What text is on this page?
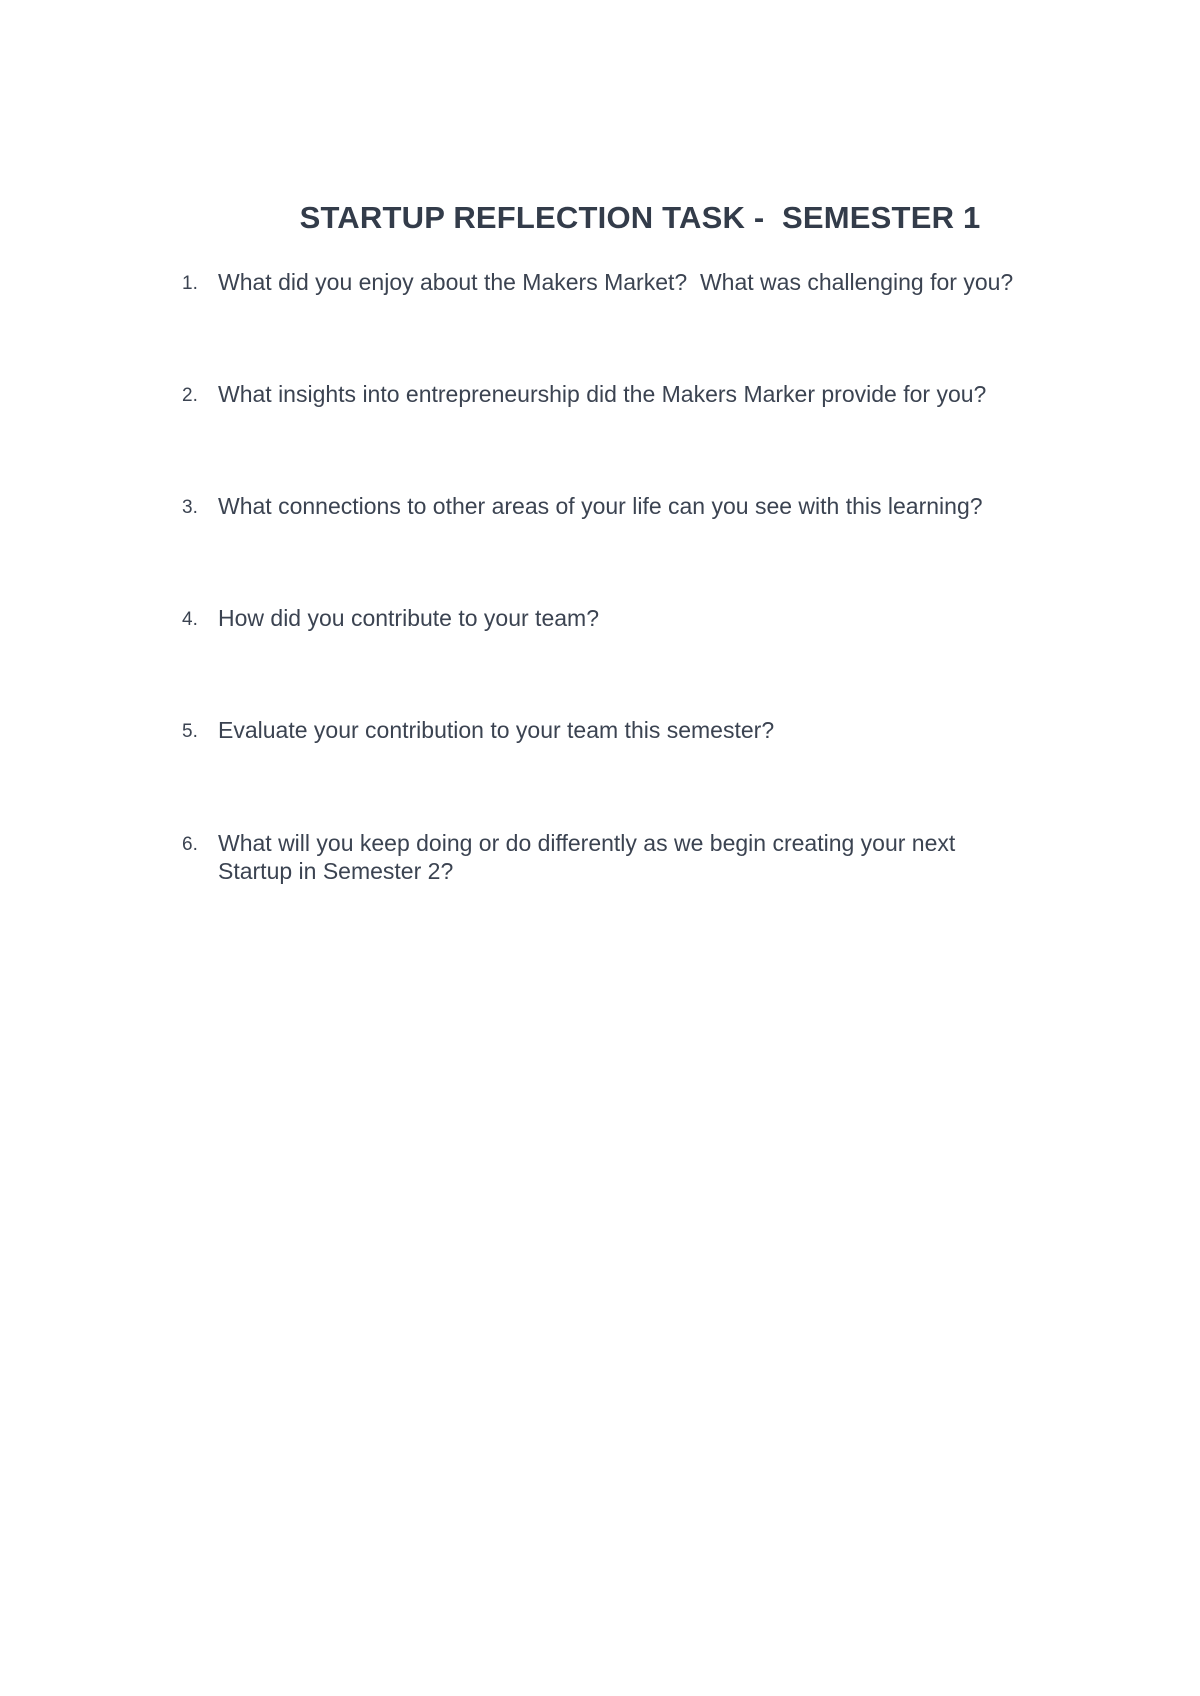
STARTUP REFLECTION TASK -  SEMESTER 1
1. What did you enjoy about the Makers Market?  What was challenging for you?
2. What insights into entrepreneurship did the Makers Marker provide for you?
3. What connections to other areas of your life can you see with this learning?
4. How did you contribute to your team?
5. Evaluate your contribution to your team this semester?
6. What will you keep doing or do differently as we begin creating your next Startup in Semester 2?
